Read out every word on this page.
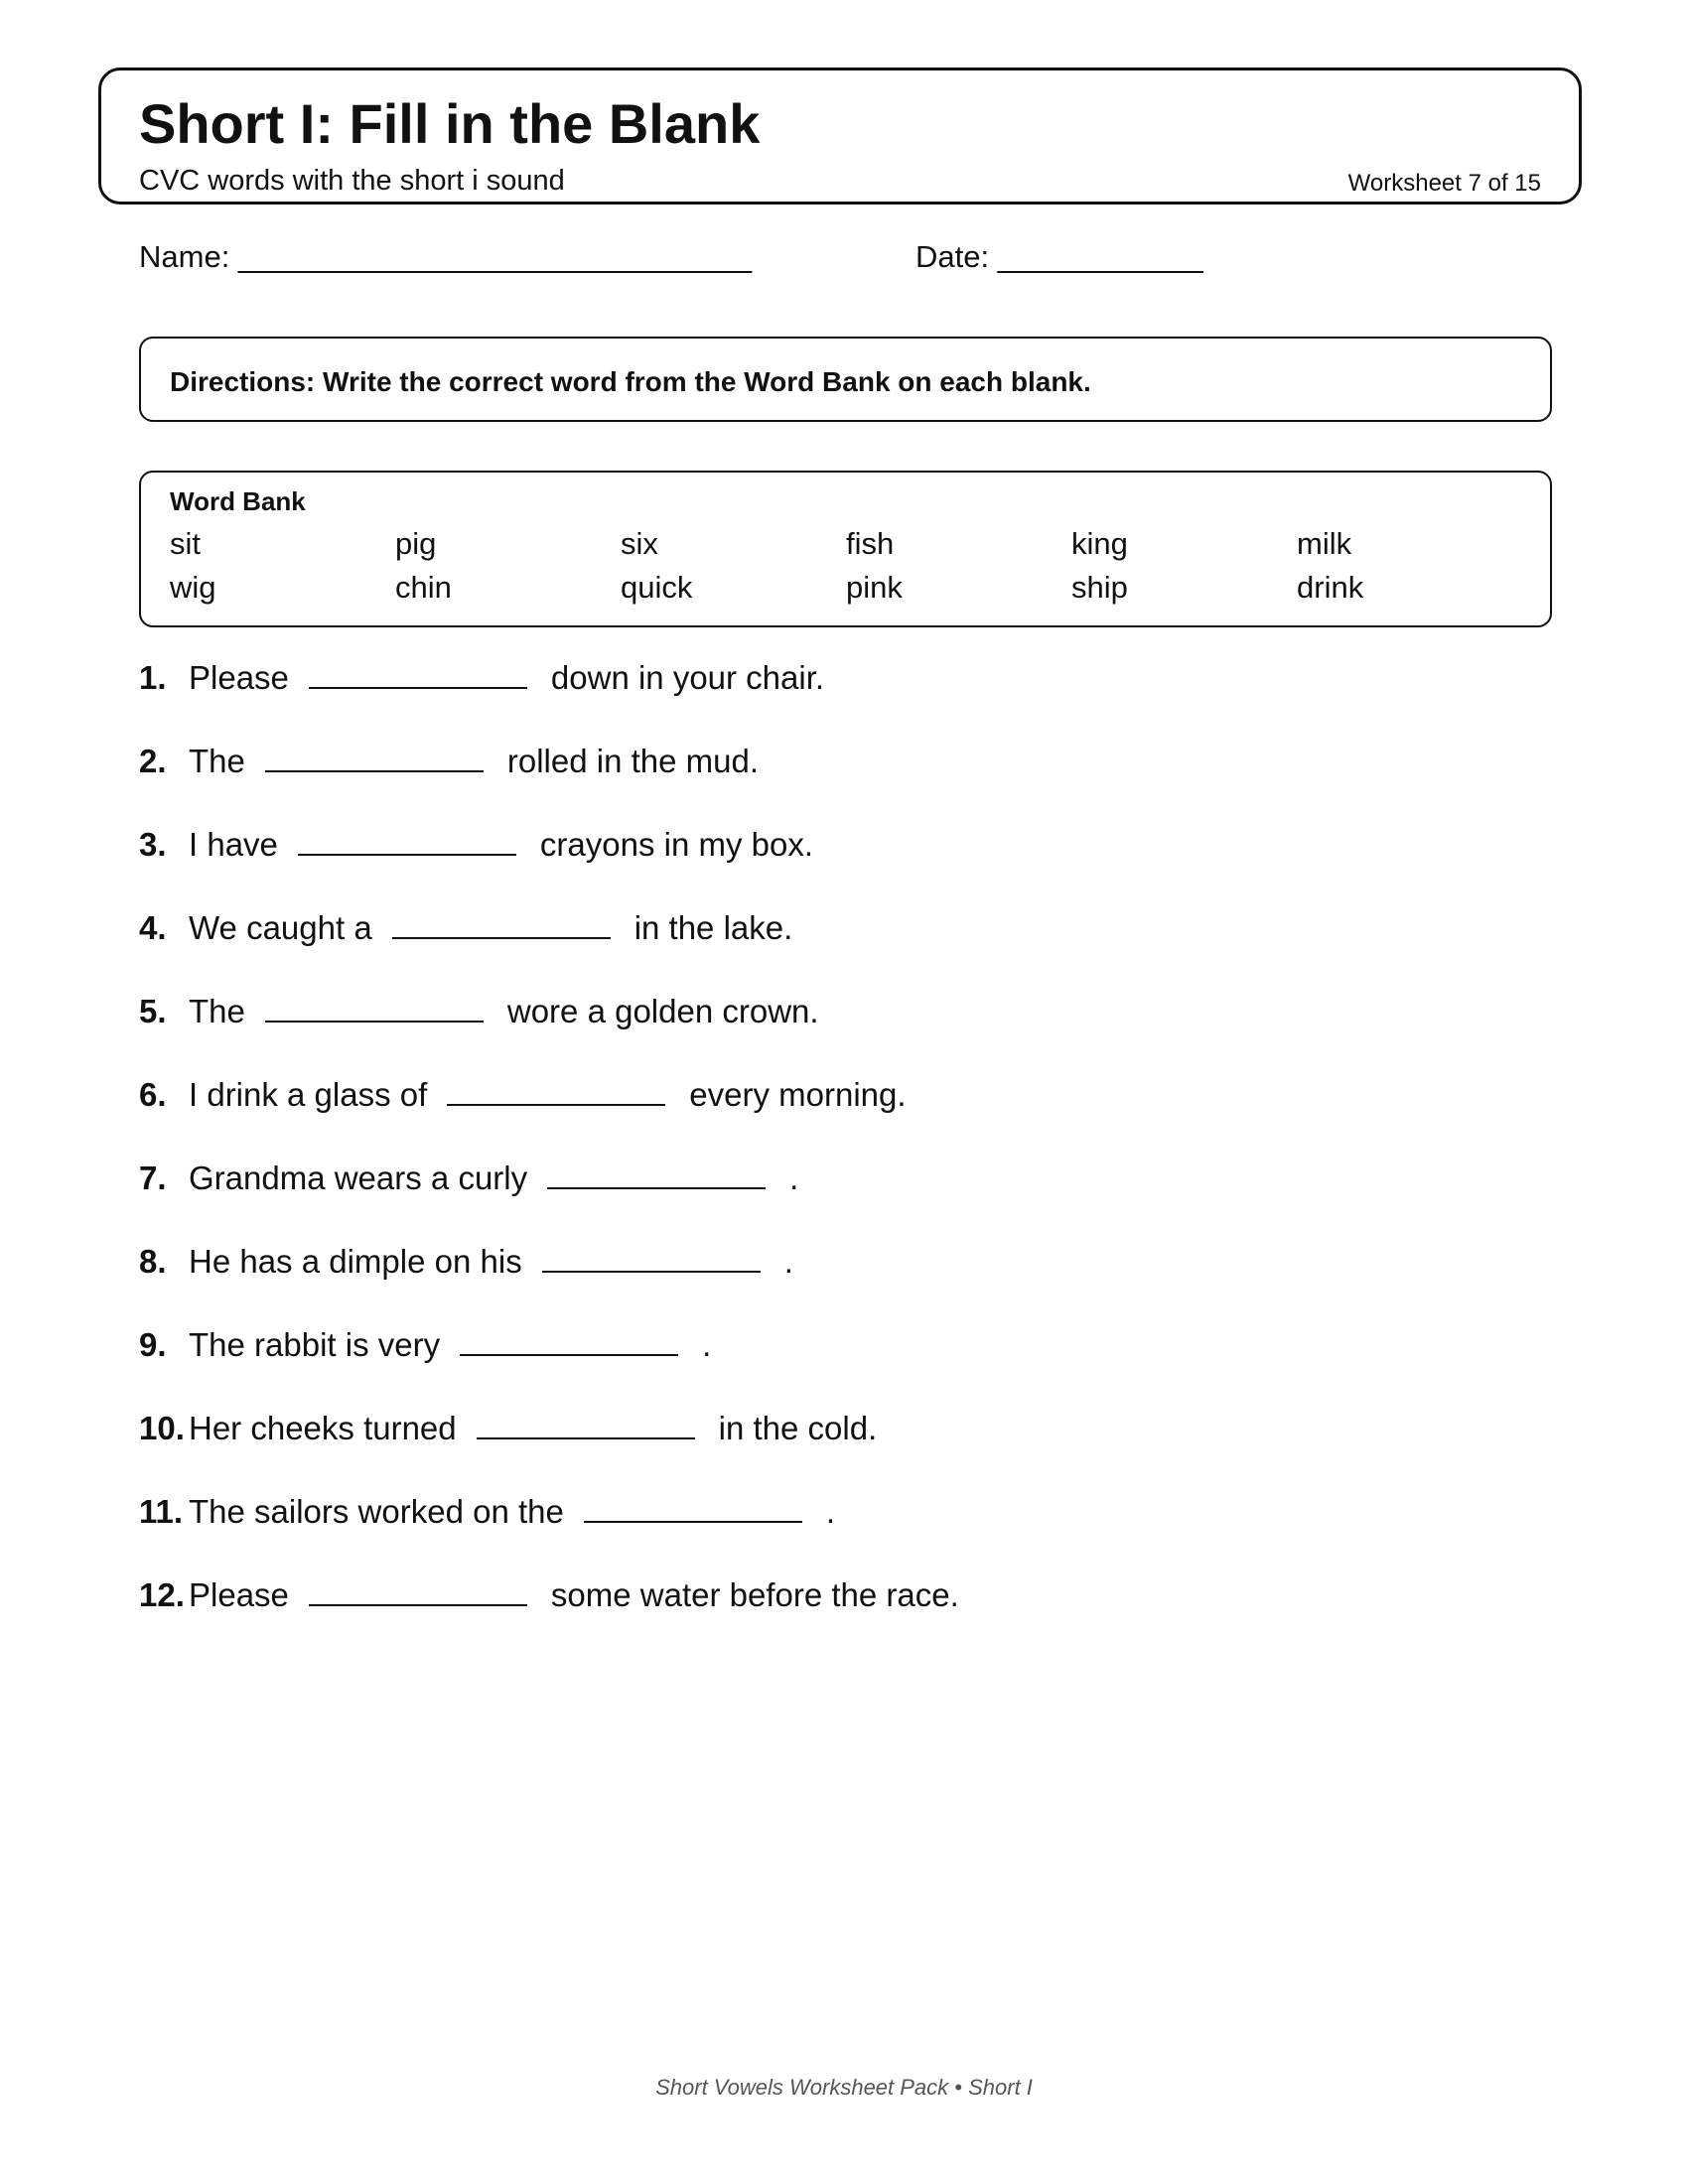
Short I: Fill in the Blank
CVC words with the short i sound	Worksheet 7 of 15
Name: ______________________________	Date: ____________
Directions: Write the correct word from the Word Bank on each blank.
Word Bank
sit	pig	six	fish	king	milk
wig	chin	quick	pink	ship	drink
1. Please	down in your chair.
2. The	rolled in the mud.
3. I have	crayons in my box.
4. We caught a	in the lake.
5. The	wore a golden crown.
6. I drink a glass of	every morning.
7. Grandma wears a curly	.
8. He has a dimple on his	.
9. The rabbit is very	.
10. Her cheeks turned	in the cold.
11. The sailors worked on the	.
12. Please	some water before the race.
Short Vowels Worksheet Pack • Short I
